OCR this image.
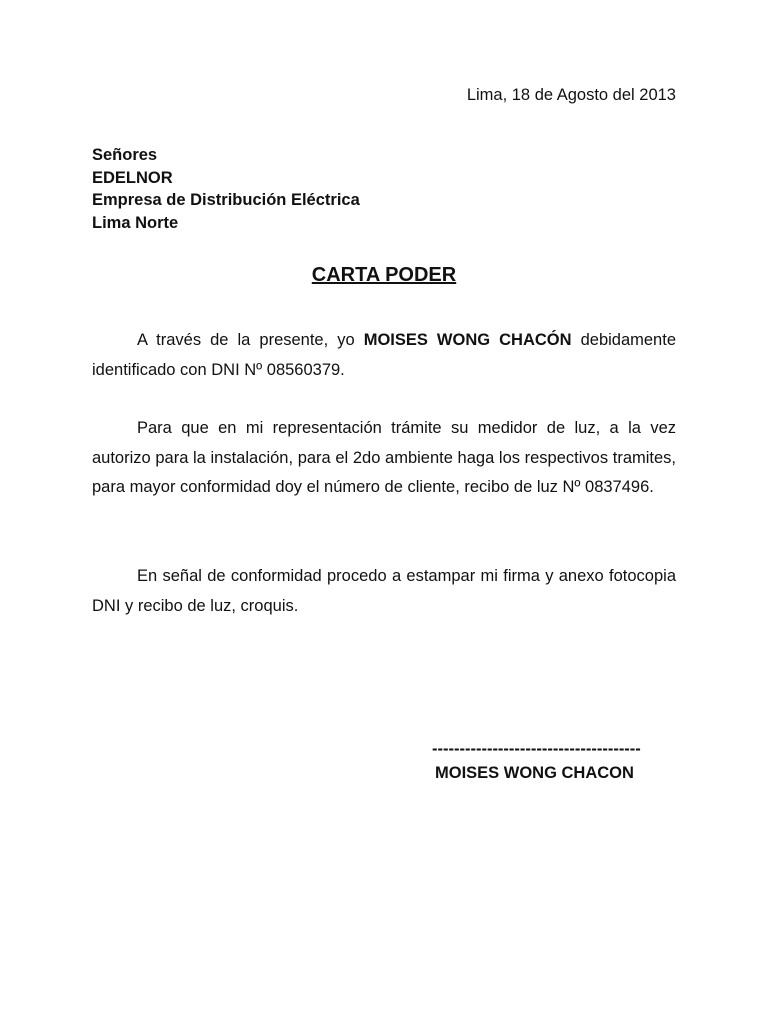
Lima, 18 de Agosto del 2013
Señores
EDELNOR
Empresa de Distribución Eléctrica
Lima Norte
CARTA PODER
A través de la presente, yo MOISES WONG CHACÓN debidamente identificado con DNI Nº 08560379.
Para que en mi representación trámite su medidor de luz, a la vez autorizo para la instalación, para el 2do ambiente haga los respectivos tramites, para mayor conformidad doy el número de cliente, recibo de luz Nº 0837496.
En señal de conformidad procedo a estampar mi firma y anexo fotocopia DNI y recibo de luz, croquis.
--------------------------------------
MOISES WONG CHACON
